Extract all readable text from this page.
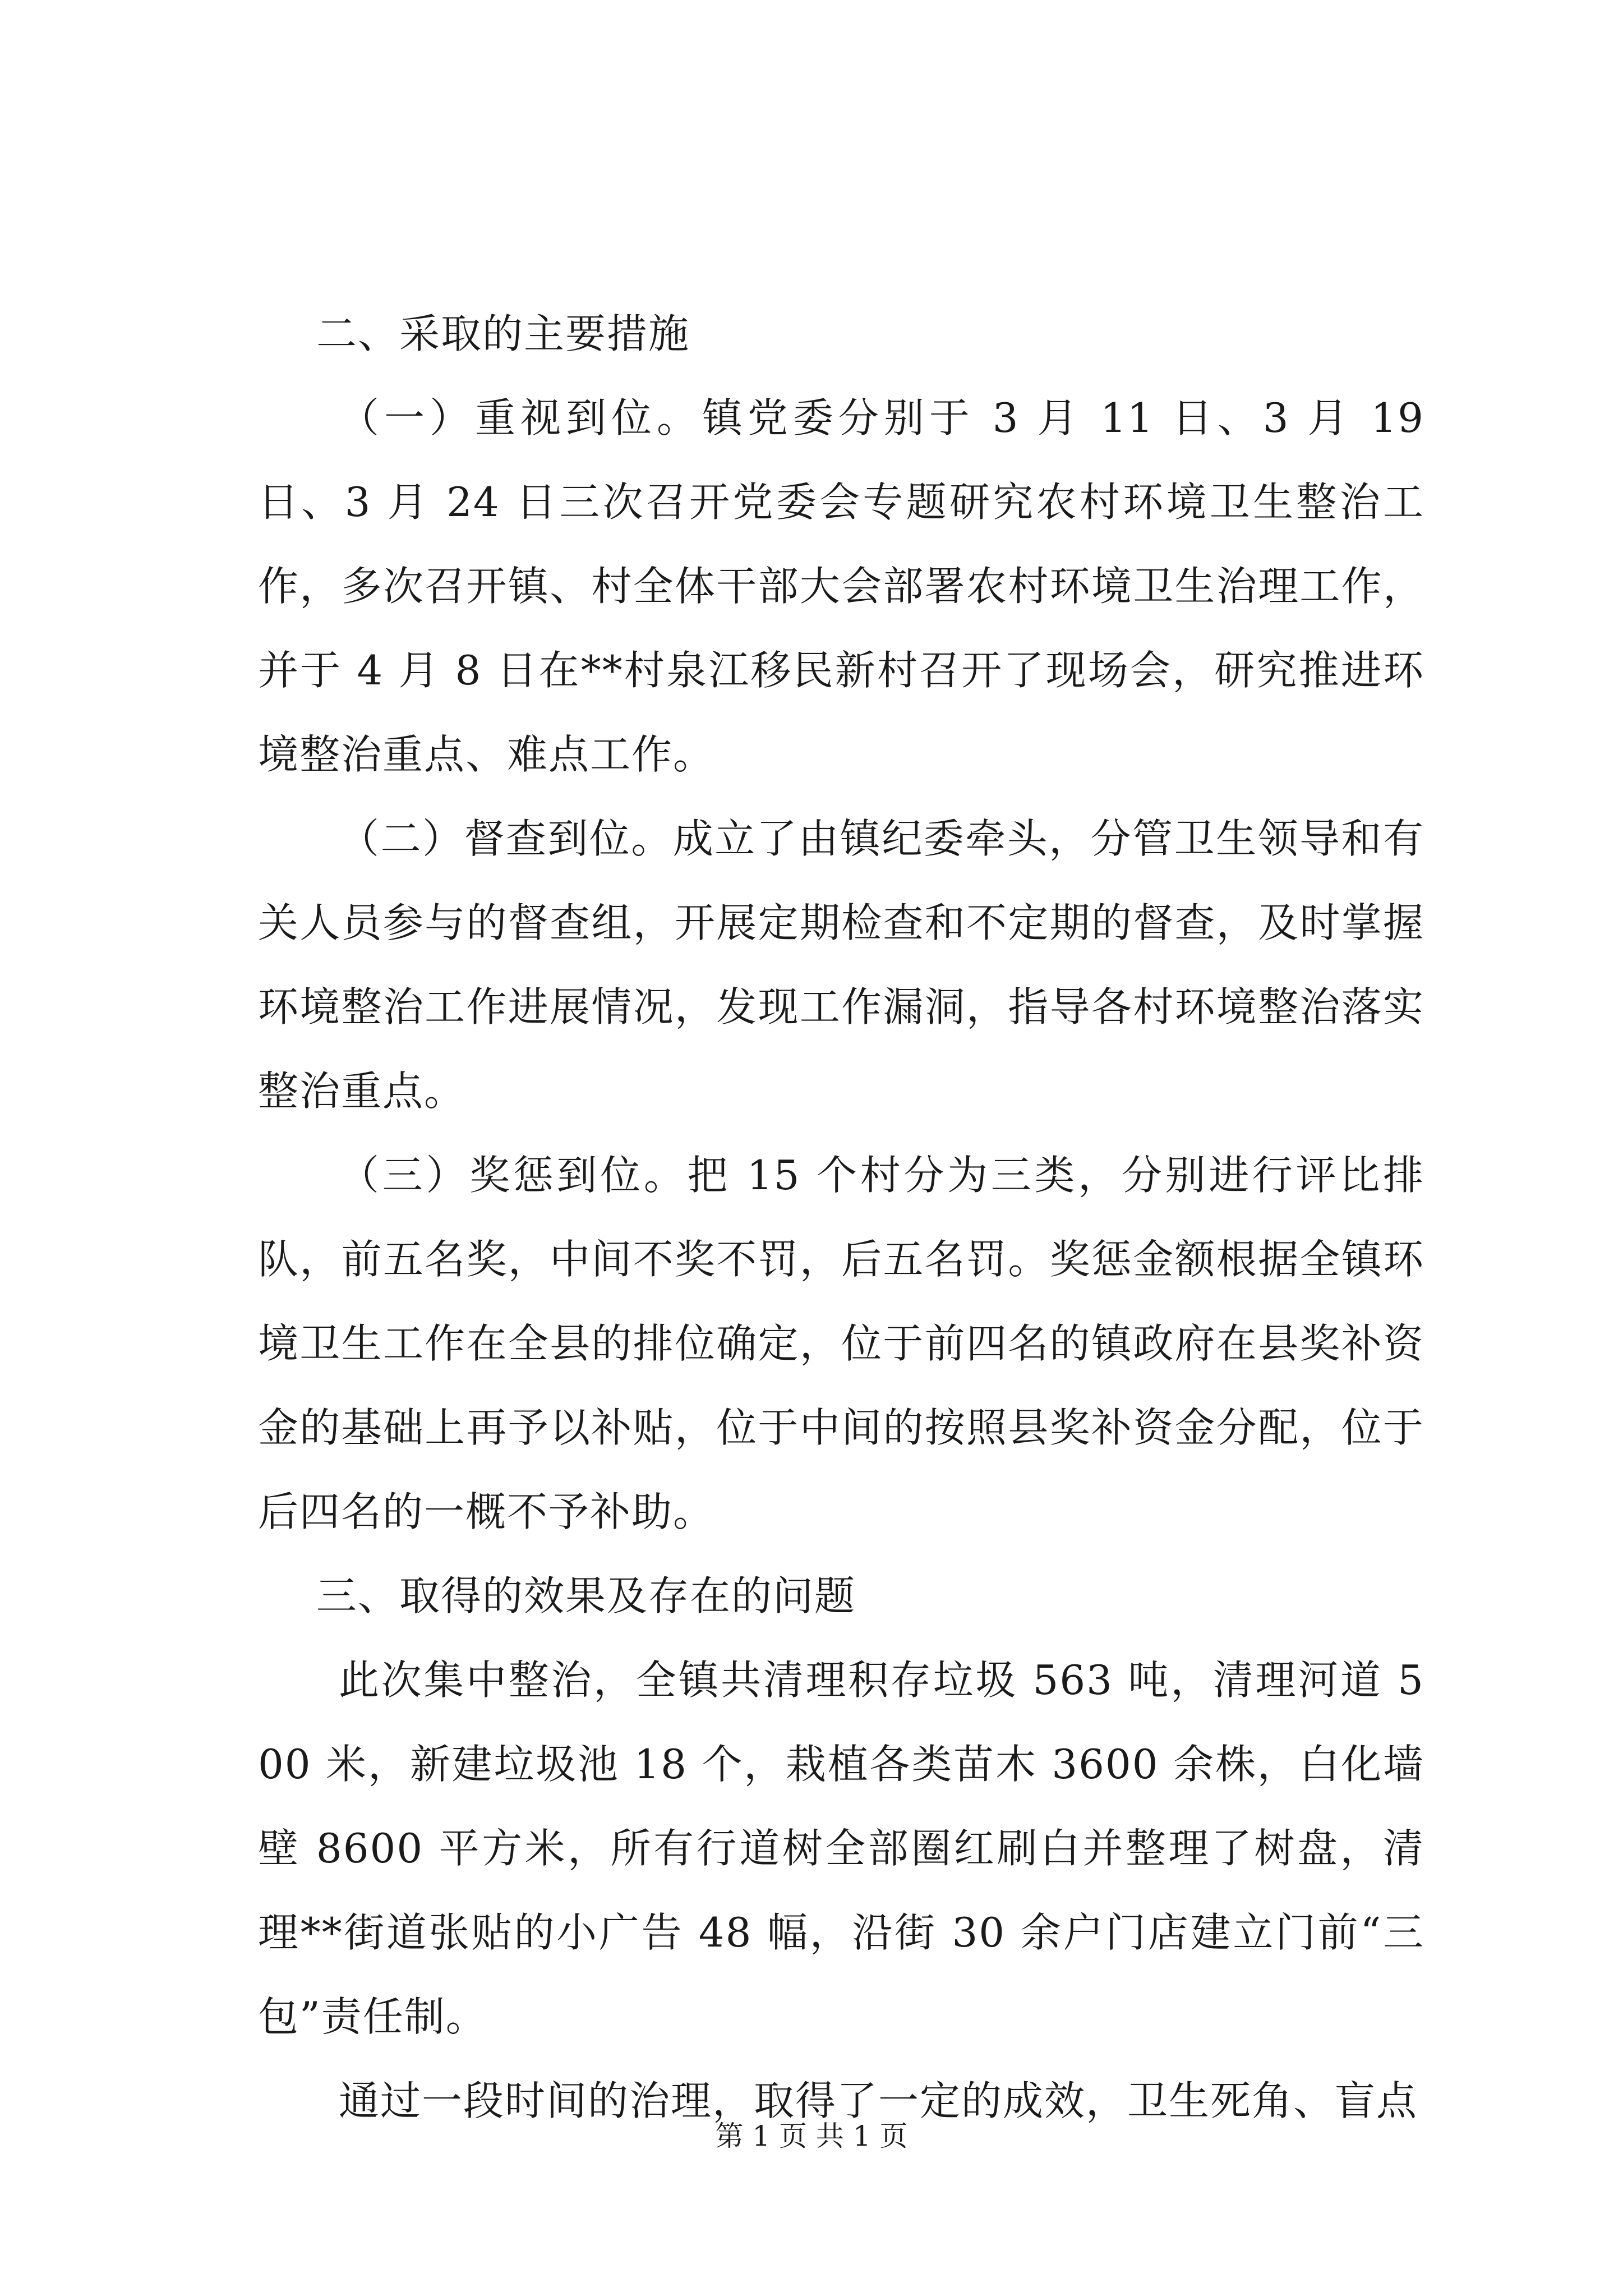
二、采取的主要措施

（一）重视到位。镇党委分别于 3 月 11 日、3 月 19 日、3 月 24 日三次召开党委会专题研究农村环境卫生整治工作，多次召开镇、村全体干部大会部署农村环境卫生治理工作，并于 4 月 8 日在**村泉江移民新村召开了现场会，研究推进环境整治重点、难点工作。

（二）督查到位。成立了由镇纪委牵头，分管卫生领导和有关人员参与的督查组，开展定期检查和不定期的督查，及时掌握环境整治工作进展情况，发现工作漏洞，指导各村环境整治落实整治重点。

（三）奖惩到位。把 15 个村分为三类，分别进行评比排队，前五名奖，中间不奖不罚，后五名罚。奖惩金额根据全镇环境卫生工作在全县的排位确定，位于前四名的镇政府在县奖补资金的基础上再予以补贴，位于中间的按照县奖补资金分配，位于后四名的一概不予补助。

三、取得的效果及存在的问题

此次集中整治，全镇共清理积存垃圾 563 吨，清理河道 500 米，新建垃圾池 18 个，栽植各类苗木 3600 余株，白化墙壁 8600 平方米，所有行道树全部圈红刷白并整理了树盘，清理**街道张贴的小广告 48 幅，沿街 30 余户门店建立门前“三包”责任制。

通过一段时间的治理，取得了一定的成效，卫生死角、盲点

第 1 页 共 1 页
